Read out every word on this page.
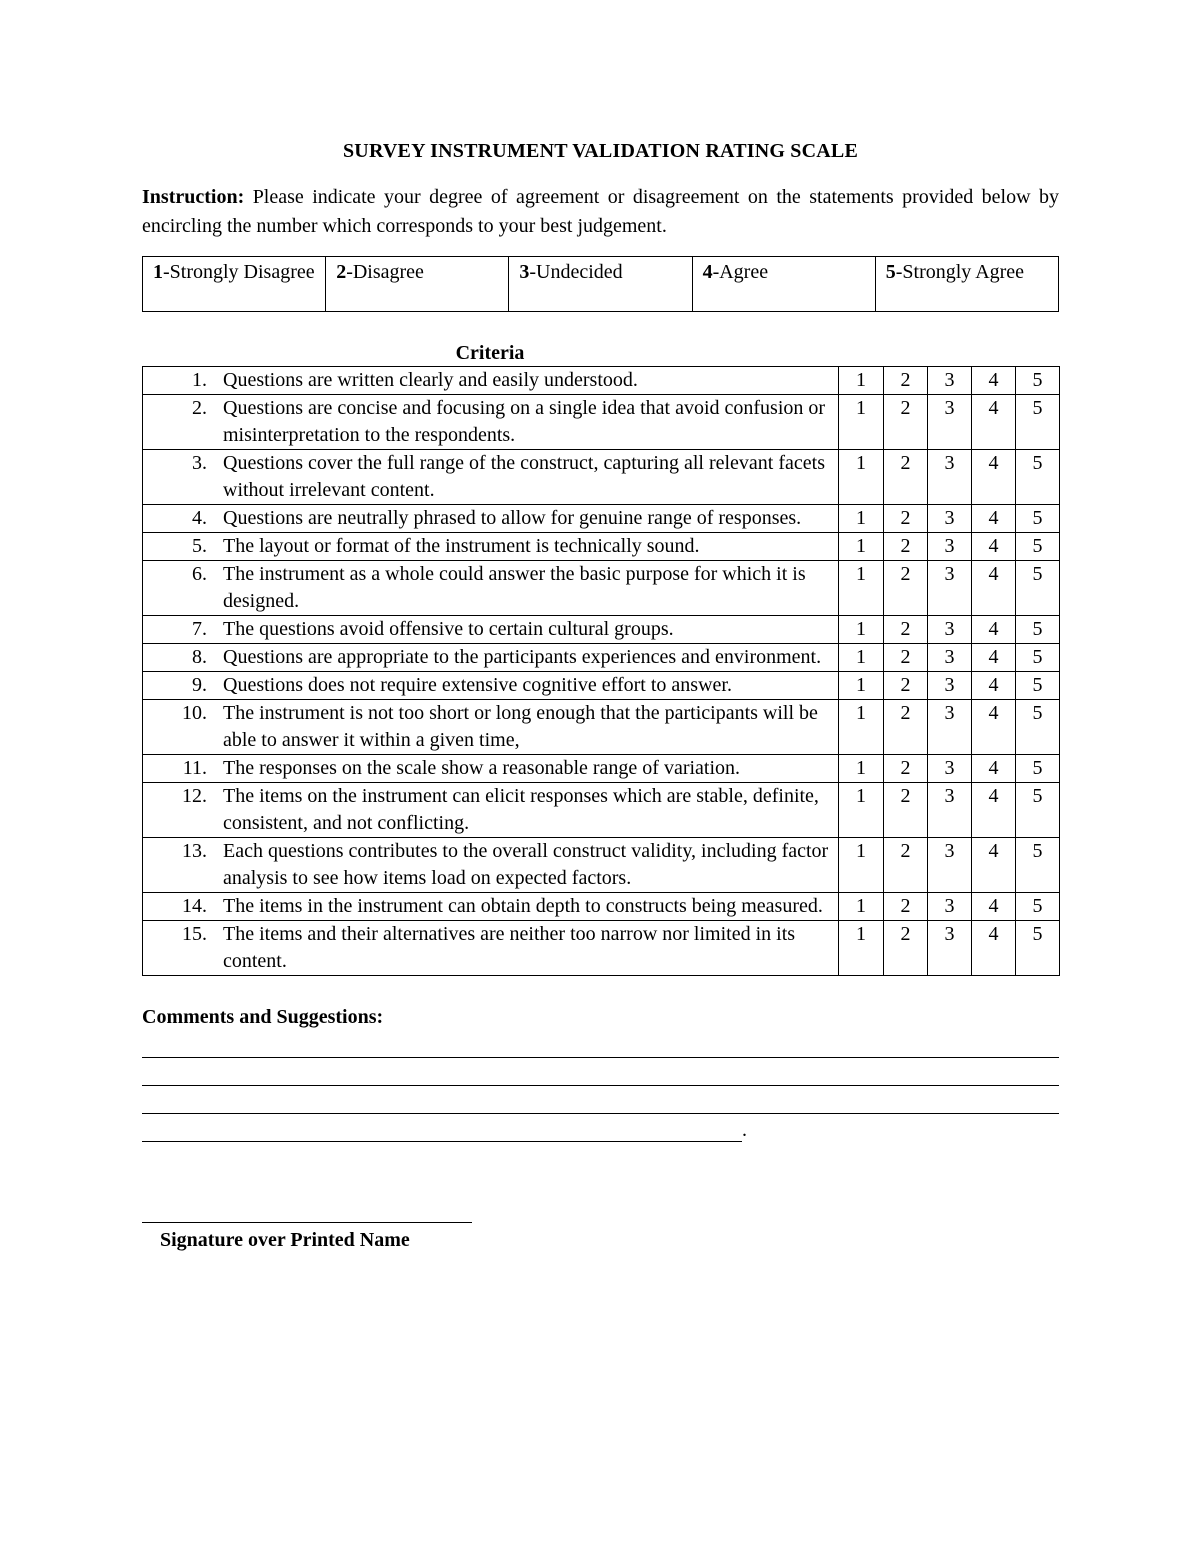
SURVEY INSTRUMENT VALIDATION RATING SCALE

Instruction: Please indicate your degree of agreement or disagreement on the statements provided below by encircling the number which corresponds to your best judgement.

1-Strongly Disagree	2-Disagree	3-Undecided	4-Agree	5-Strongly Agree
Criteria
1. Questions are written clearly and easily understood.	1	2	3	4	5

2. Questions are concise and focusing on a single idea that avoid confusion or misinterpretation to the respondents.	1	2	3	4	5

3. Questions cover the full range of the construct, capturing all relevant facets without irrelevant content.	1	2	3	4	5

4. Questions are neutrally phrased to allow for genuine range of responses.	1	2	3	4	5

5. The layout or format of the instrument is technically sound.	1	2	3	4	5

6. The instrument as a whole could answer the basic purpose for which it is designed.	1	2	3	4	5

7. The questions avoid offensive to certain cultural groups.	1	2	3	4	5

8. Questions are appropriate to the participants experiences and environment.	1	2	3	4	5

9. Questions does not require extensive cognitive effort to answer.	1	2	3	4	5

10. The instrument is not too short or long enough that the participants will be able to answer it within a given time,	1	2	3	4	5

11. The responses on the scale show a reasonable range of variation.	1	2	3	4	5

12. The items on the instrument can elicit responses which are stable, definite, consistent, and not conflicting.	1	2	3	4	5

13. Each questions contributes to the overall construct validity, including factor analysis to see how items load on expected factors.	1	2	3	4	5

14. The items in the instrument can obtain depth to constructs being measured.	1	2	3	4	5

15. The items and their alternatives are neither too narrow nor limited in its content.	1	2	3	4	5
Comments and Suggestions:
.
Signature over Printed Name
